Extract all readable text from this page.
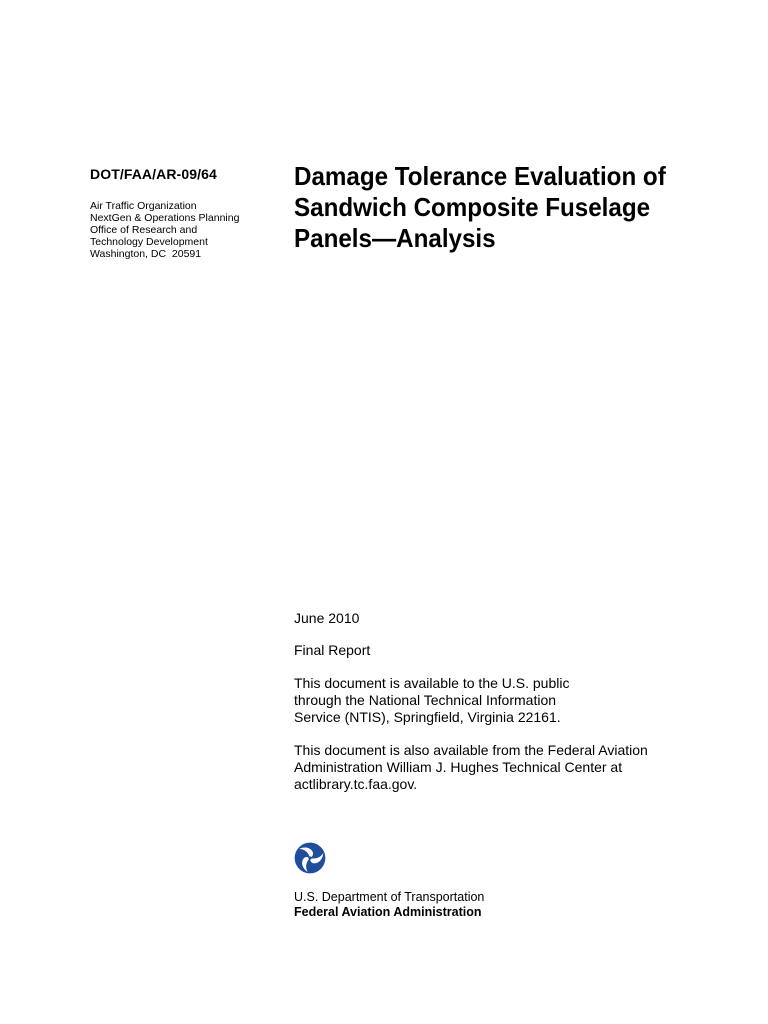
DOT/FAA/AR-09/64
Air Traffic Organization
NextGen & Operations Planning
Office of Research and
Technology Development
Washington, DC  20591
Damage Tolerance Evaluation of
Sandwich Composite Fuselage
Panels—Analysis
June 2010
Final Report
This document is available to the U.S. public
through the National Technical Information
Service (NTIS), Springfield, Virginia 22161.
This document is also available from the Federal Aviation
Administration William J. Hughes Technical Center at
actlibrary.tc.faa.gov.
U.S. Department of Transportation
Federal Aviation Administration
